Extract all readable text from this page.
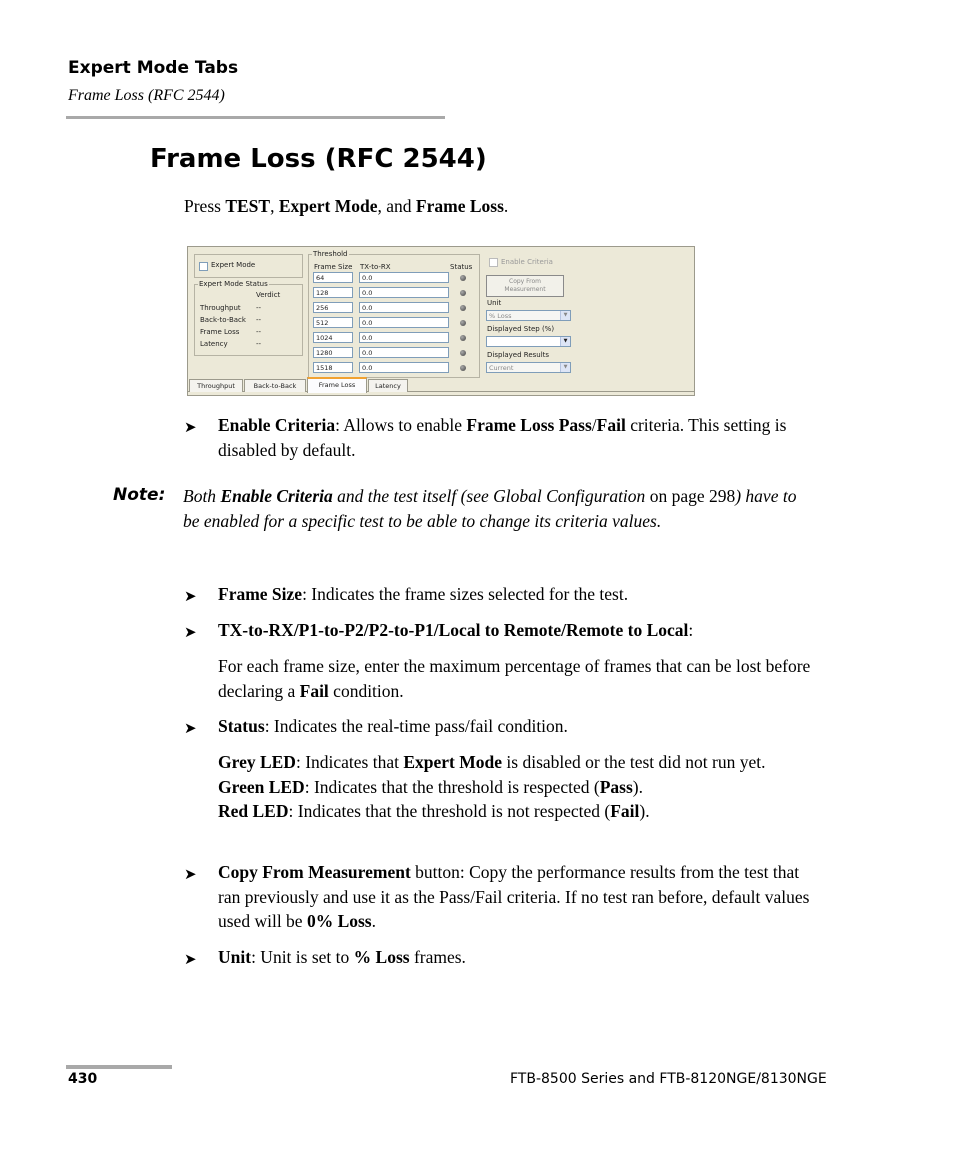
Expert Mode Tabs
Frame Loss (RFC 2544)
Frame Loss (RFC 2544)
Press TEST, Expert Mode, and Frame Loss.
Expert Mode
Expert Mode Status
Verdict
Throughput --
Back-to-Back --
Frame Loss --
Latency	--
Threshold
Frame Size TX-to-RX	Status
64	0.0
128	0.0
256	0.0
512	0.0
1024	0.0
1280	0.0
1518	0.0
Enable Criteria
Copy From
Measurement
Unit
% Loss	▼
Displayed Step (%)
▼
Displayed Results
Current	▼
Throughput	Back-to-Back	Frame Loss	Latency
➤ Enable Criteria: Allows to enable Frame Loss Pass/Fail criteria. This setting is disabled by default.
Note: Both Enable Criteria and the test itself (see Global Configuration on page 298) have to be enabled for a specific test to be able to change its criteria values.
➤ Frame Size: Indicates the frame sizes selected for the test.
➤ TX-to-RX/P1-to-P2/P2-to-P1/Local to Remote/Remote to Local:
For each frame size, enter the maximum percentage of frames that can be lost before declaring a Fail condition.
➤ Status: Indicates the real-time pass/fail condition.
Grey LED: Indicates that Expert Mode is disabled or the test did not run yet.
Green LED: Indicates that the threshold is respected (Pass).
Red LED: Indicates that the threshold is not respected (Fail).
➤ Copy From Measurement button: Copy the performance results from the test that ran previously and use it as the Pass/Fail criteria. If no test ran before, default values used will be 0% Loss.
➤ Unit: Unit is set to % Loss frames.
430	FTB-8500 Series and FTB-8120NGE/8130NGE
